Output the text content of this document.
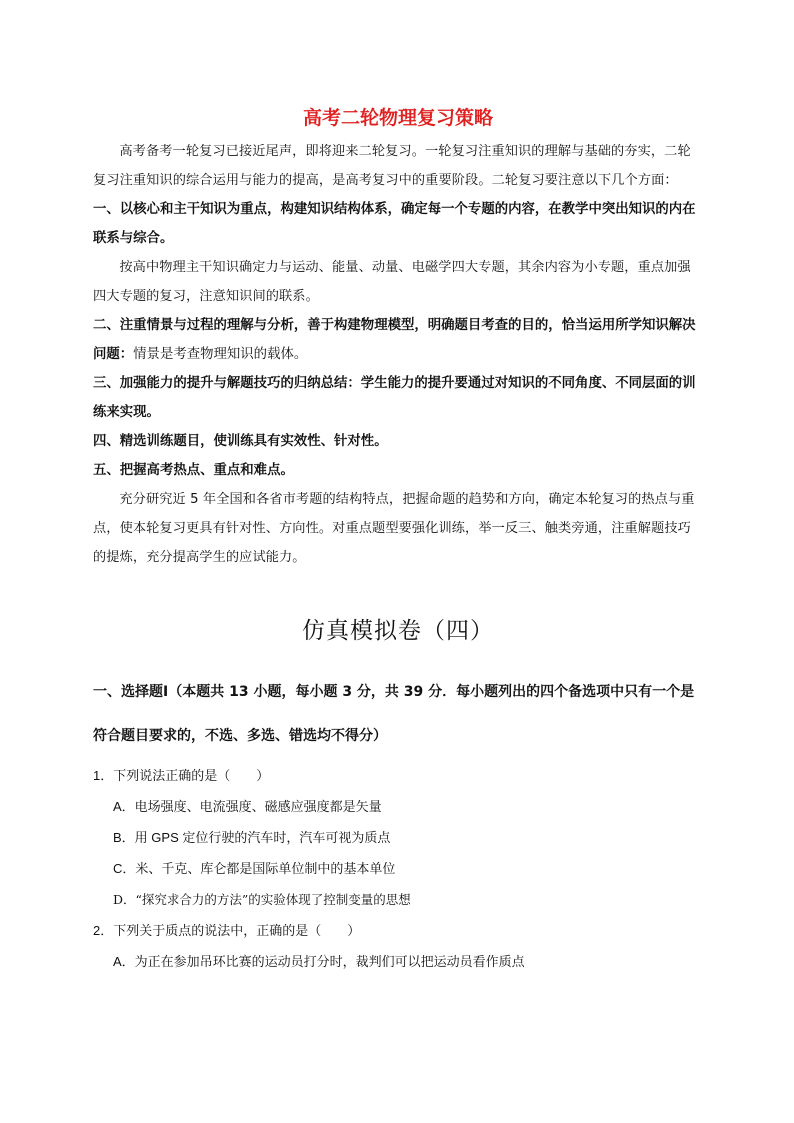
高考二轮物理复习策略

高考备考一轮复习已接近尾声，即将迎来二轮复习。一轮复习注重知识的理解与基础的夯实，二轮复习注重知识的综合运用与能力的提高，是高考复习中的重要阶段。二轮复习要注意以下几个方面：

一、以核心和主干知识为重点，构建知识结构体系，确定每一个专题的内容，在教学中突出知识的内在联系与综合。

按高中物理主干知识确定力与运动、能量、动量、电磁学四大专题，其余内容为小专题，重点加强四大专题的复习，注意知识间的联系。

二、注重情景与过程的理解与分析，善于构建物理模型，明确题目考查的目的，恰当运用所学知识解决问题：情景是考查物理知识的载体。

三、加强能力的提升与解题技巧的归纳总结：学生能力的提升要通过对知识的不同角度、不同层面的训练来实现。

四、精选训练题目，使训练具有实效性、针对性。

五、把握高考热点、重点和难点。

充分研究近 5 年全国和各省市考题的结构特点，把握命题的趋势和方向，确定本轮复习的热点与重点，使本轮复习更具有针对性、方向性。对重点题型要强化训练，举一反三、触类旁通，注重解题技巧的提炼，充分提高学生的应试能力。

仿真模拟卷（四）

一、选择题Ⅰ（本题共 13 小题，每小题 3 分，共 39 分．每小题列出的四个备选项中只有一个是符合题目要求的，不选、多选、错选均不得分）

1．下列说法正确的是（　　）

A．电场强度、电流强度、磁感应强度都是矢量

B．用 GPS 定位行驶的汽车时，汽车可视为质点

C．米、千克、库仑都是国际单位制中的基本单位

D．“探究求合力的方法”的实验体现了控制变量的思想

2．下列关于质点的说法中，正确的是（　　）

A．为正在参加吊环比赛的运动员打分时，裁判们可以把运动员看作质点
